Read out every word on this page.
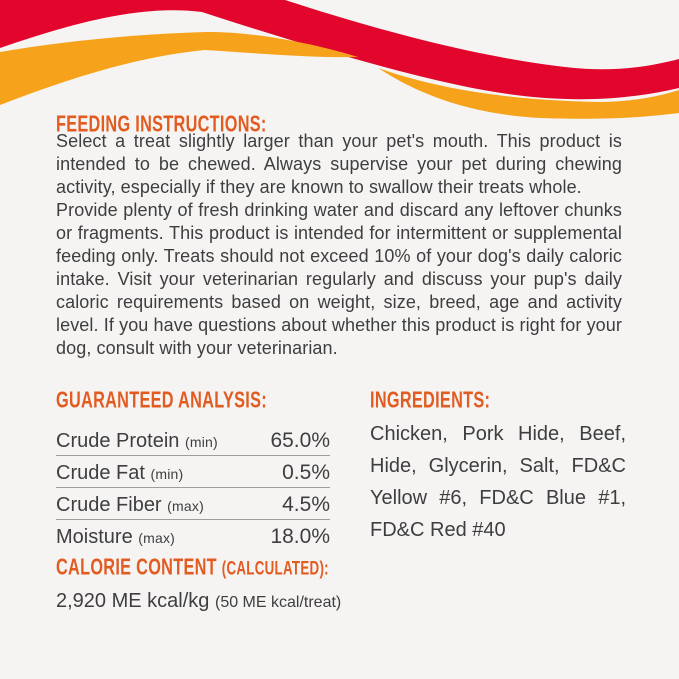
FEEDING INSTRUCTIONS:

Select a treat slightly larger than your pet's mouth. This product is intended to be chewed. Always supervise your pet during chewing activity, especially if they are known to swallow their treats whole.

Provide plenty of fresh drinking water and discard any leftover chunks or fragments. This product is intended for intermittent or supplemental feeding only. Treats should not exceed 10% of your dog's daily caloric intake. Visit your veterinarian regularly and discuss your pup's daily caloric requirements based on weight, size, breed, age and activity level. If you have questions about whether this product is right for your dog, consult with your veterinarian.

GUARANTEED ANALYSIS:
Crude Protein (min)	65.0%
Crude Fat (min)	0.5%
Crude Fiber (max)	4.5%
Moisture (max)	18.0%
INGREDIENTS:

Chicken, Pork Hide, Beef, Hide, Glycerin, Salt, FD&C Yellow #6, FD&C Blue #1, FD&C Red #40

CALORIE CONTENT (CALCULATED):

2,920 ME kcal/kg (50 ME kcal/treat)
